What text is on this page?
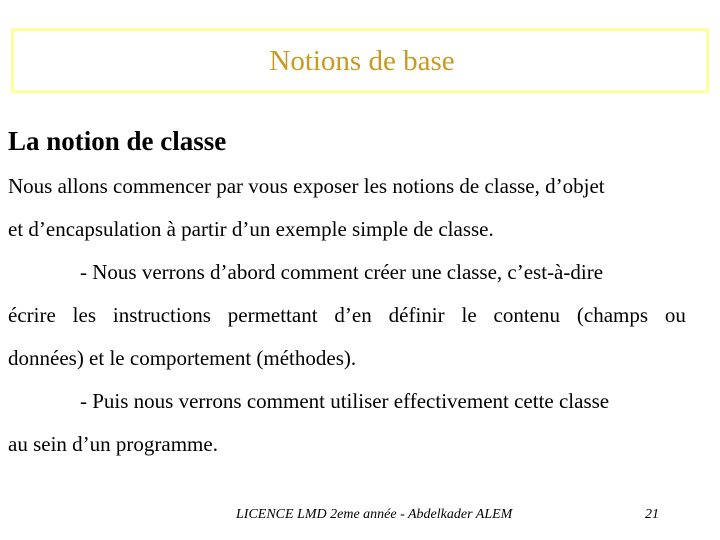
Notions de base
La notion de classe
Nous allons commencer par vous exposer les notions de classe, d’objet
et d’encapsulation à partir d’un exemple simple de classe.
- Nous verrons d’abord comment créer une classe, c’est-à-dire
écrire les instructions permettant d’en définir le contenu (champs ou
données) et le comportement (méthodes).
- Puis nous verrons comment utiliser effectivement cette classe
au sein d’un programme.
LICENCE LMD 2eme année - Abdelkader ALEM	21
